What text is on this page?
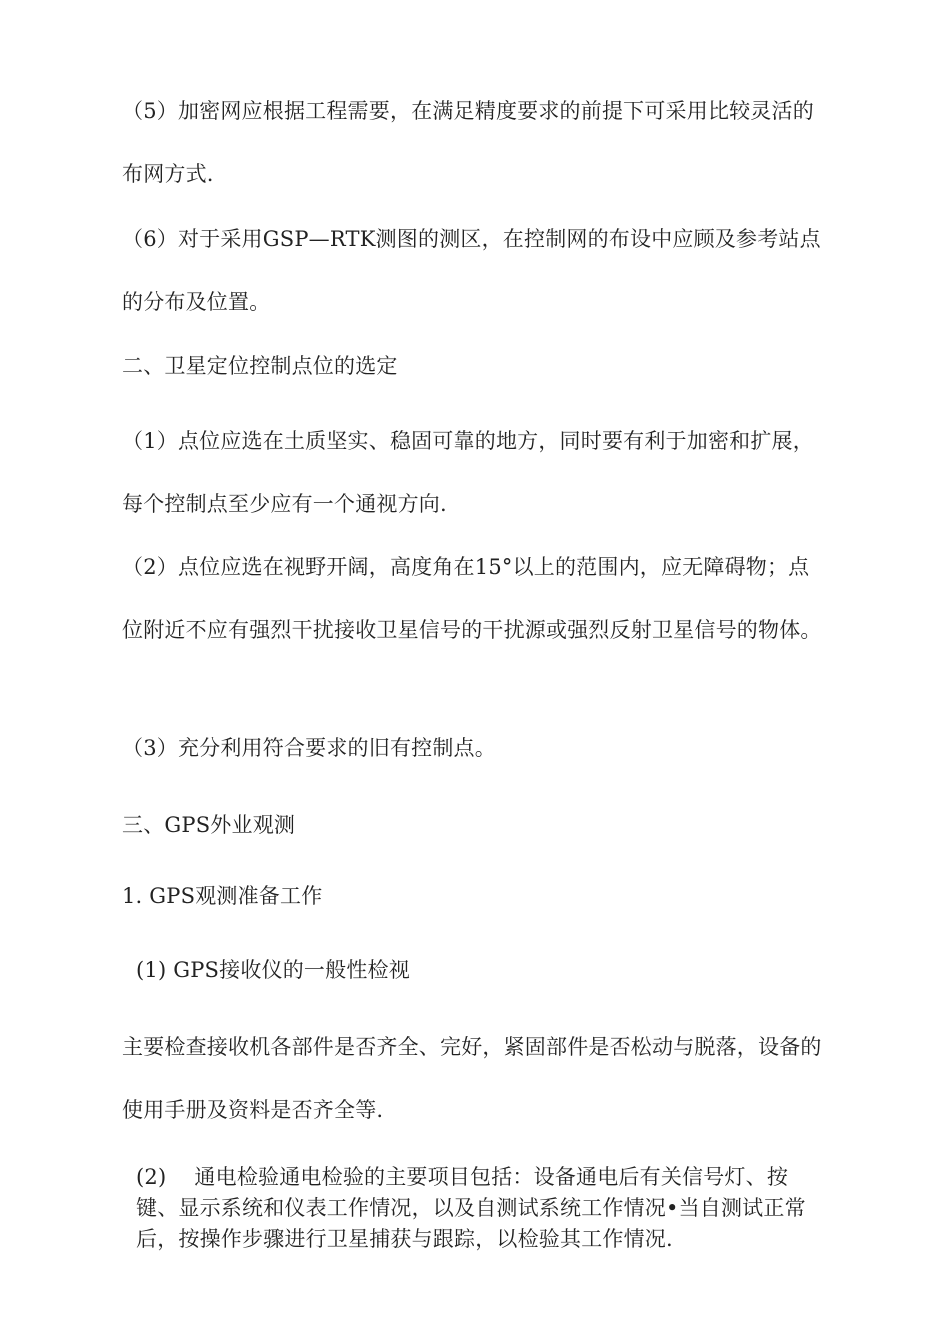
（5）加密网应根据工程需要，在满足精度要求的前提下可采用比较灵活的布网方式.
（6）对于采用GSP—RTK测图的测区，在控制网的布设中应顾及参考站点的分布及位置。
二、卫星定位控制点位的选定
（1）点位应选在土质坚实、稳固可靠的地方，同时要有利于加密和扩展，每个控制点至少应有一个通视方向.
（2）点位应选在视野开阔，高度角在15°以上的范围内，应无障碍物；点位附近不应有强烈干扰接收卫星信号的干扰源或强烈反射卫星信号的物体。
（3）充分利用符合要求的旧有控制点。
三、GPS外业观测
1. GPS观测准备工作
(1) GPS接收仪的一般性检视
主要检查接收机各部件是否齐全、完好，紧固部件是否松动与脱落，设备的使用手册及资料是否齐全等.
(2)　 通电检验通电检验的主要项目包括：设备通电后有关信号灯、按键、显示系统和仪表工作情况，以及自测试系统工作情况•当自测试正常后，按操作步骤进行卫星捕获与跟踪，以检验其工作情况.
